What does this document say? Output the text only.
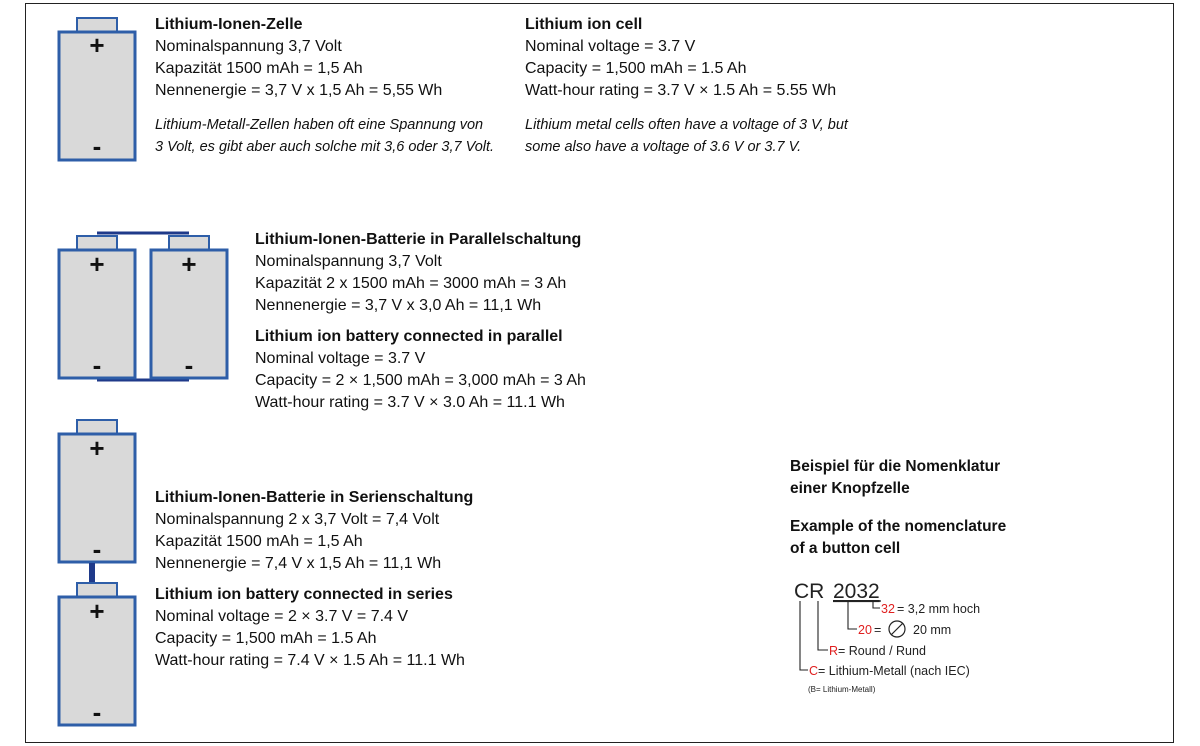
+
-
+
-
+
-
+
-
+
-
Lithium-Ionen-Zelle
Nominalspannung 3,7 Volt
Kapazität 1500 mAh = 1,5 Ah
Nennenergie = 3,7 V x 1,5 Ah = 5,55 Wh
Lithium-Metall-Zellen haben oft eine Spannung von
3 Volt, es gibt aber auch solche mit 3,6 oder 3,7 Volt.
Lithium ion cell
Nominal voltage = 3.7 V
Capacity = 1,500 mAh = 1.5 Ah
Watt-hour rating = 3.7 V × 1.5 Ah = 5.55 Wh
Lithium metal cells often have a voltage of 3 V, but
some also have a voltage of 3.6 V or 3.7 V.
Lithium-Ionen-Batterie in Parallelschaltung
Nominalspannung 3,7 Volt
Kapazität 2 x 1500 mAh = 3000 mAh = 3 Ah
Nennenergie = 3,7 V x 3,0 Ah = 11,1 Wh
Lithium ion battery connected in parallel
Nominal voltage = 3.7 V
Capacity = 2 × 1,500 mAh = 3,000 mAh = 3 Ah
Watt-hour rating = 3.7 V × 3.0 Ah = 11.1 Wh
Lithium-Ionen-Batterie in Serienschaltung
Nominalspannung 2 x 3,7 Volt = 7,4 Volt
Kapazität 1500 mAh = 1,5 Ah
Nennenergie = 7,4 V x 1,5 Ah = 11,1 Wh
Lithium ion battery connected in series
Nominal voltage = 2 × 3.7 V = 7.4 V
Capacity = 1,500 mAh = 1.5 Ah
Watt-hour rating = 7.4 V × 1.5 Ah = 11.1 Wh
Beispiel für die Nomenklatur
einer Knopfzelle
Example of the nomenclature
of a button cell
CR 2032
32 = 3,2 mm hoch
20 =	20 mm
R = Round / Rund
C = Lithium-Metall (nach IEC)
(B= Lithium-Metall)
